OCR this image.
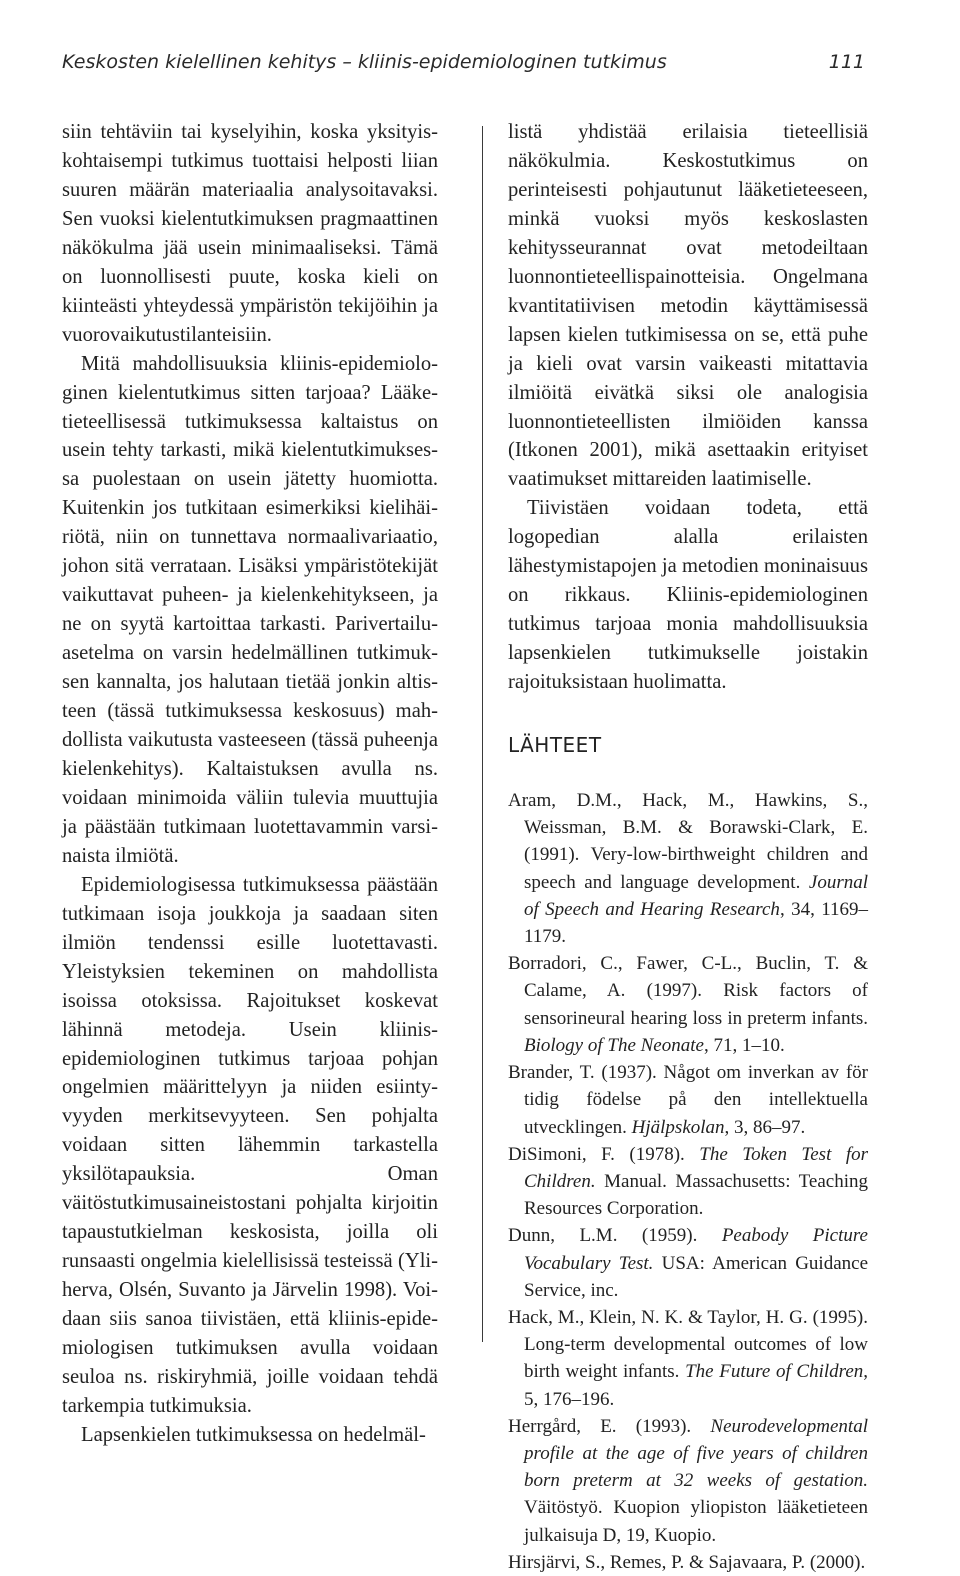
Keskosten kielellinen kehitys – kliinis-epidemiologinen tutkimus	111

siin tehtäviin tai kyselyihin, koska yksityiskohtaisempi tutkimus tuottaisi helposti liian suuren määrän materiaalia analysoitavaksi. Sen vuoksi kielentutkimuksen pragmaattinen näkökulma jää usein minimaaliseksi. Tämä on luonnollisesti puute, koska kieli on kiinteästi yhteydessä ympäristön tekijöihin ja vuorovaikutustilanteisiin.

Mitä mahdollisuuksia kliinis-epidemiologinen kielentutkimus sitten tarjoaa? Lääketieteellisessä tutkimuksessa kaltaistus on usein tehty tarkasti, mikä kielentutkimuksessa puolestaan on usein jätetty huomiotta. Kuitenkin jos tutkitaan esimerkiksi kielihäiriötä, niin on tunnettava normaalivariaatio, johon sitä verrataan. Lisäksi ympäristötekijät vaikuttavat puheen- ja kielenkehitykseen, ja ne on syytä kartoittaa tarkasti. Parivertailuasetelma on varsin hedelmällinen tutkimuksen kannalta, jos halutaan tietää jonkin altisteen (tässä tutkimuksessa keskosuus) mahdollista vaikutusta vasteeseen (tässä puheenja kielenkehitys). Kaltaistuksen avulla ns. voidaan minimoida väliin tulevia muuttujia ja päästään tutkimaan luotettavammin varsinaista ilmiötä.

Epidemiologisessa tutkimuksessa päästään tutkimaan isoja joukkoja ja saadaan siten ilmiön tendenssi esille luotettavasti. Yleistyksien tekeminen on mahdollista isoissa otoksissa. Rajoitukset koskevat lähinnä metodeja. Usein kliinis-epidemiologinen tutkimus tarjoaa pohjan ongelmien määrittelyyn ja niiden esiintyvyyden merkitsevyyteen. Sen pohjalta voidaan sitten lähemmin tarkastella yksilötapauksia. Oman väitöstutkimusaineistostani pohjalta kirjoitin tapaustutkielman keskosista, joilla oli runsaasti ongelmia kielellisissä testeissä (Yliherva, Olsén, Suvanto ja Järvelin 1998). Voidaan siis sanoa tiivistäen, että kliinis-epidemiologisen tutkimuksen avulla voidaan seuloa ns. riskiryhmiä, joille voidaan tehdä tarkempia tutkimuksia.

Lapsenkielen tutkimuksessa on hedelmäl-

listä yhdistää erilaisia tieteellisiä näkökulmia. Keskostutkimus on perinteisesti pohjautunut lääketieteeseen, minkä vuoksi myös keskoslasten kehitysseurannat ovat metodeiltaan luonnontieteellispainotteisia. Ongelmana kvantitatiivisen metodin käyttämisessä lapsen kielen tutkimisessa on se, että puhe ja kieli ovat varsin vaikeasti mitattavia ilmiöitä eivätkä siksi ole analogisia luonnontieteellisten ilmiöiden kanssa (Itkonen 2001), mikä asettaakin erityiset vaatimukset mittareiden laatimiselle.

Tiivistäen voidaan todeta, että logopedian alalla erilaisten lähestymistapojen ja metodien moninaisuus on rikkaus. Kliinis-epidemiologinen tutkimus tarjoaa monia mahdollisuuksia lapsenkielen tutkimukselle joistakin rajoituksistaan huolimatta.

LÄHTEET

Aram, D.M., Hack, M., Hawkins, S., Weissman, B.M. & Borawski-Clark, E. (1991). Very-low-birthweight children and speech and language development. Journal of Speech and Hearing Research, 34, 1169–1179.

Borradori, C., Fawer, C-L., Buclin, T. & Calame, A. (1997). Risk factors of sensorineural hearing loss in preterm infants. Biology of The Neonate, 71, 1–10.

Brander, T. (1937). Något om inverkan av för tidig födelse på den intellektuella utvecklingen. Hjälpskolan, 3, 86–97.

DiSimoni, F. (1978). The Token Test for Children. Manual. Massachusetts: Teaching Resources Corporation.

Dunn, L.M. (1959). Peabody Picture Vocabulary Test. USA: American Guidance Service, inc.

Hack, M., Klein, N. K. & Taylor, H. G. (1995). Long-term developmental outcomes of low birth weight infants. The Future of Children, 5, 176–196.

Herrgård, E. (1993). Neurodevelopmental profile at the age of five years of children born preterm at 32 weeks of gestation. Väitöstyö. Kuopion yliopiston lääketieteen julkaisuja D, 19, Kuopio.

Hirsjärvi, S., Remes, P. & Sajavaara, P. (2000).
